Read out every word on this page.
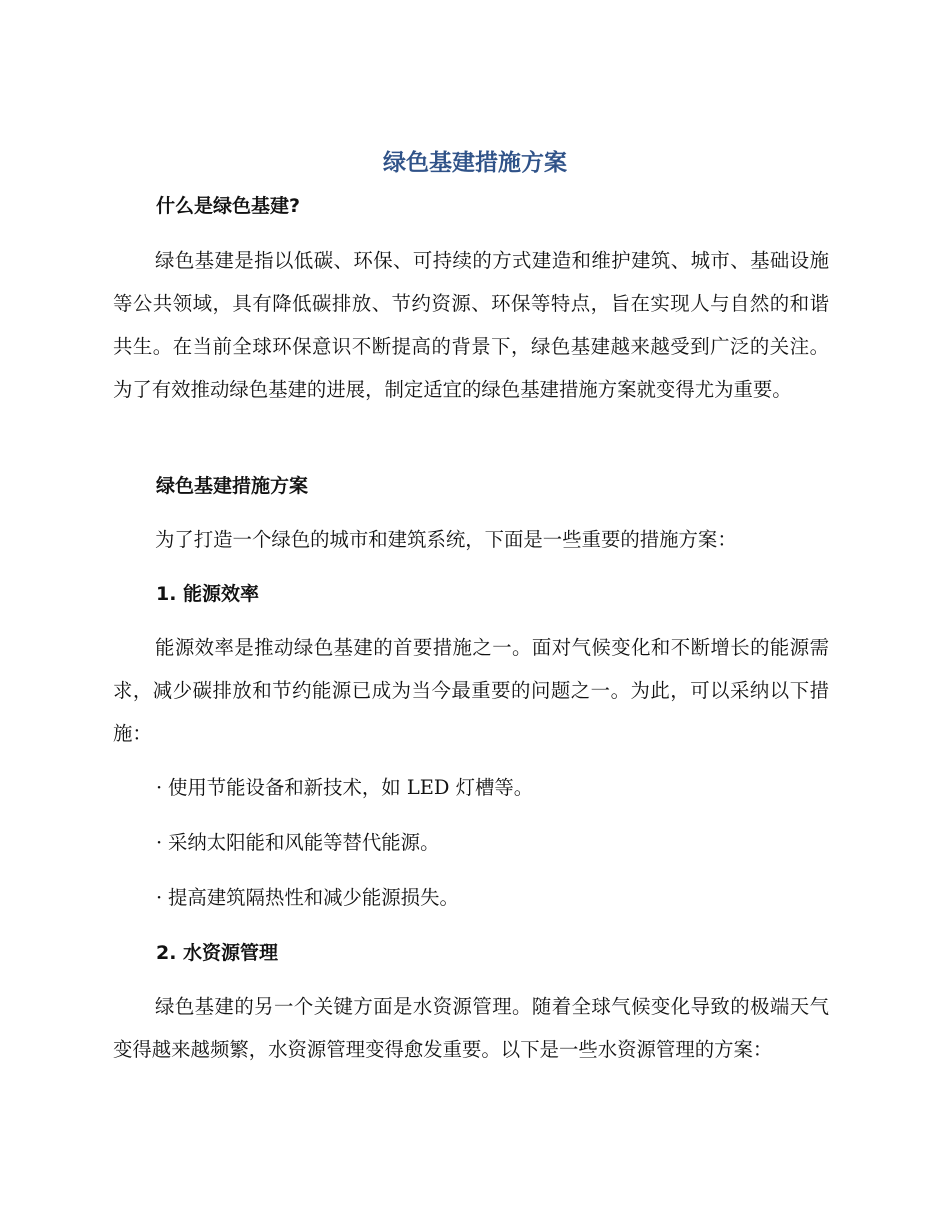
绿色基建措施方案
什么是绿色基建?

绿色基建是指以低碳、环保、可持续的方式建造和维护建筑、城市、基础设施等公共领域，具有降低碳排放、节约资源、环保等特点，旨在实现人与自然的和谐共生。在当前全球环保意识不断提高的背景下，绿色基建越来越受到广泛的关注。为了有效推动绿色基建的进展，制定适宜的绿色基建措施方案就变得尤为重要。

绿色基建措施方案

为了打造一个绿色的城市和建筑系统，下面是一些重要的措施方案：

1. 能源效率

能源效率是推动绿色基建的首要措施之一。面对气候变化和不断增长的能源需求，减少碳排放和节约能源已成为当今最重要的问题之一。为此，可以采纳以下措施：

· 使用节能设备和新技术，如 LED 灯槽等。

· 采纳太阳能和风能等替代能源。

· 提高建筑隔热性和减少能源损失。

2. 水资源管理

绿色基建的另一个关键方面是水资源管理。随着全球气候变化导致的极端天气变得越来越频繁，水资源管理变得愈发重要。以下是一些水资源管理的方案：
